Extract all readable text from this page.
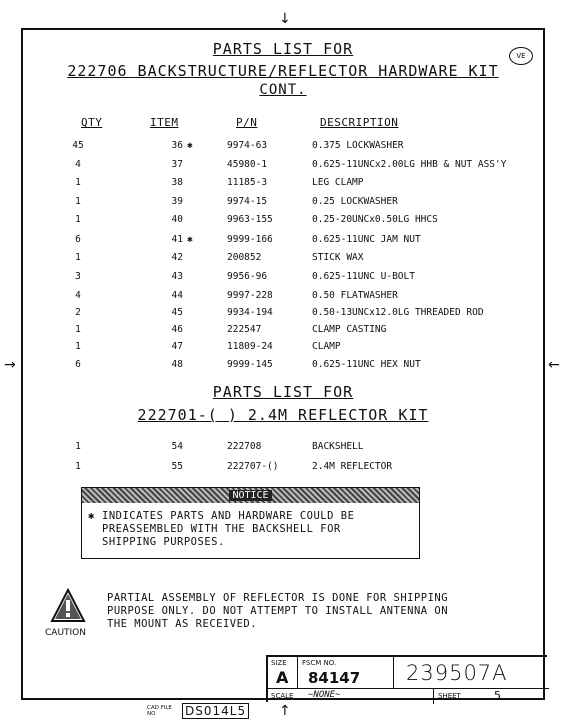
↓
↑
→	←
PARTS LIST FOR
222706 BACKSTRUCTURE/REFLECTOR HARDWARE KIT
CONT.
VE
QTY	ITEM	P/N	DESCRIPTION
45	36 ✱	9974-63	0.375 LOCKWASHER
4	37	45980-1	0.625-11UNCx2.00LG HHB & NUT ASS'Y
1	38	11185-3	LEG CLAMP
1	39	9974-15	0.25 LOCKWASHER
1	40	9963-155	0.25-20UNCx0.50LG HHCS
6	41 ✱	9999-166	0.625-11UNC JAM NUT
1	42	200852	STICK WAX
3	43	9956-96	0.625-11UNC U-BOLT
4	44	9997-228	0.50 FLATWASHER
2	45	9934-194	0.50-13UNCx12.0LG THREADED ROD
1	46	222547	CLAMP CASTING
1	47	11809-24	CLAMP
6	48	9999-145	0.625-11UNC HEX NUT
PARTS LIST FOR
222701-( ) 2.4M REFLECTOR KIT
1	54	222708	BACKSHELL
1	55	222707-()	2.4M REFLECTOR
NOTICE
✱ INDICATES PARTS AND HARDWARE COULD BE
PREASSEMBLED WITH THE BACKSHELL FOR
SHIPPING PURPOSES.
CAUTION
PARTIAL ASSEMBLY OF REFLECTOR IS DONE FOR SHIPPING
PURPOSE ONLY. DO NOT ATTEMPT TO INSTALL ANTENNA ON
THE MOUNT AS RECEIVED.
SIZE
A
FSCM NO.
84147 239507A
SCALE ∼NONE∼	SHEET	5
CAD FILE NO	DS014L5
